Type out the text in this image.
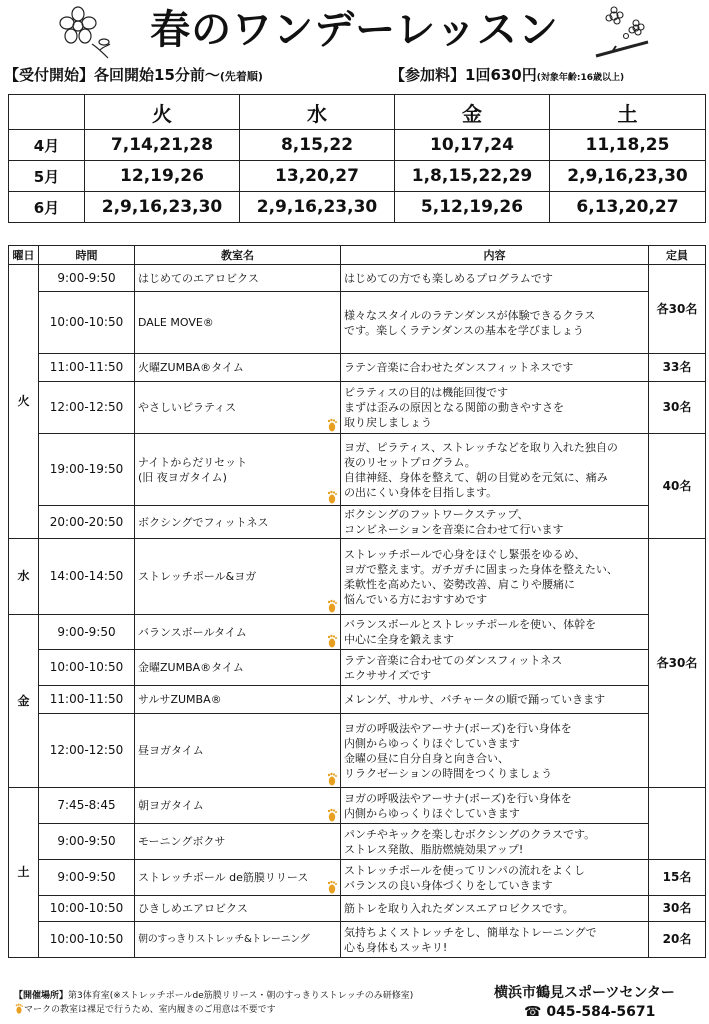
春のワンデーレッスン
【受付開始】各回開始15分前～(先着順)	【参加料】1回630円(対象年齢:16歳以上)
	火	水	金	土
4月	7,14,21,28	8,15,22	10,17,24	11,18,25
5月	12,19,26	13,20,27	1,8,15,22,29	2,9,16,23,30
6月	2,9,16,23,30	2,9,16,23,30	5,12,19,26	6,13,20,27
曜日	時間	教室名	内容	定員
火	9:00-9:50	はじめてのエアロビクス	はじめての方でも楽しめるプログラムです	各30名
	10:00-10:50	DALE MOVE®	様々なスタイルのラテンダンスが体験できるクラス
です。楽しくラテンダンスの基本を学びましょう	
	11:00-11:50	火曜ZUMBA®タイム	ラテン音楽に合わせたダンスフィットネスです	33名
	12:00-12:50	やさしいピラティス	ピラティスの目的は機能回復です
まずは歪みの原因となる関節の動きやすさを
取り戻しましょう	30名
	19:00-19:50	ナイトからだリセット
(旧 夜ヨガタイム)	ヨガ、ピラティス、ストレッチなどを取り入れた独自の
夜のリセットプログラム。
自律神経、身体を整えて、朝の目覚めを元気に、痛み
の出にくい身体を目指します。	40名
	20:00-20:50	ボクシングでフィットネス	ボクシングのフットワークステップ、
コンビネーションを音楽に合わせて行います	
水	14:00-14:50	ストレッチポール&ヨガ	ストレッチポールで心身をほぐし緊張をゆるめ、
ヨガで整えます。ガチガチに固まった身体を整えたい、
柔軟性を高めたい、姿勢改善、肩こりや腰痛に
悩んでいる方におすすめです	各30名
金	9:00-9:50	バランスボールタイム	バランスボールとストレッチポールを使い、体幹を
中心に全身を鍛えます	
	10:00-10:50	金曜ZUMBA®タイム	ラテン音楽に合わせてのダンスフィットネス
エクササイズです	
	11:00-11:50	サルサZUMBA®	メレンゲ、サルサ、バチャータの順で踊っていきます	
	12:00-12:50	昼ヨガタイム	ヨガの呼吸法やアーサナ(ポーズ)を行い身体を
内側からゆっくりほぐしていきます
金曜の昼に自分自身と向き合い、
リラクゼーションの時間をつくりましょう	
土	7:45-8:45	朝ヨガタイム	ヨガの呼吸法やアーサナ(ポーズ)を行い身体を
内側からゆっくりほぐしていきます	
	9:00-9:50	モーニングボクサ	パンチやキックを楽しむボクシングのクラスです。
ストレス発散、脂肪燃焼効果アップ!	
	9:00-9:50	ストレッチポール de筋膜リリース	ストレッチポールを使ってリンパの流れをよくし
バランスの良い身体づくりをしていきます	15名
	10:00-10:50	ひきしめエアロビクス	筋トレを取り入れたダンスエアロビクスです。	30名
	10:00-10:50	朝のすっきりストレッチ&トレーニング	気持ちよくストレッチをし、簡単なトレーニングで
心も身体もスッキリ!	20名
【開催場所】第3体育室(※ストレッチポールde筋膜リリース・朝のすっきりストレッチのみ研修室)
マークの教室は裸足で行うため、室内履きのご用意は不要です
横浜市鶴見スポーツセンター
☎ 045-584-5671
